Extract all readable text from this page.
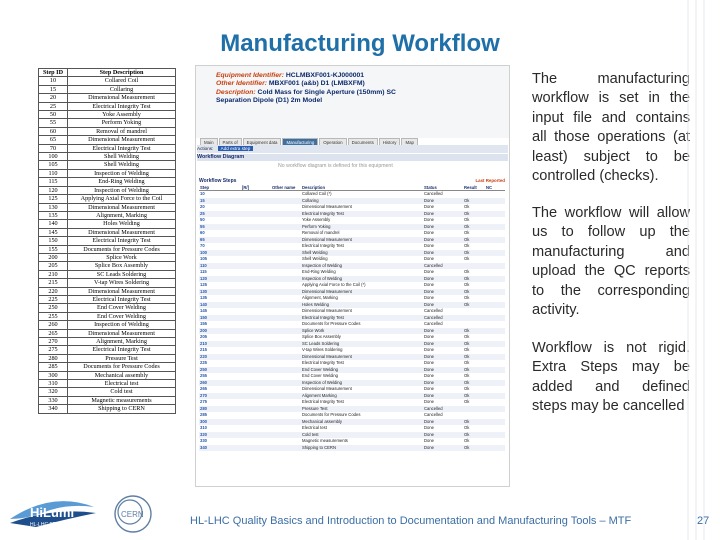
Manufacturing Workflow
Step ID	Step Description
10	Collared Coil
15	Collaring
20	Dimensional Measurement
25	Electrical Integrity Test
50	Yoke Assembly
55	Perform Yoking
60	Removal of mandrel
65	Dimensional Measurement
70	Electrical Integrity Test
100	Shell Welding
105	Shell Welding
110	Inspection of Welding
115	End-Ring Welding
120	Inspection of Welding
125	Applying Axial Force to the Coil
130	Dimensional Measurement
135	Alignment, Marking
140	Holes Welding
145	Dimensional Measurement
150	Electrical Integrity Test
155	Documents for Pressure Codes
200	Splice Work
205	Splice Box Assembly
210	SC Leads Soldering
215	V-tap Wires Soldering
220	Dimensional Measurement
225	Electrical Integrity Test
250	End Cover Welding
255	End Cover Welding
260	Inspection of Welding
265	Dimensional Measurement
270	Alignment, Marking
275	Electrical Integrity Test
280	Pressure Test
285	Documents for Pressure Codes
300	Mechanical assembly
310	Electrical test
320	Cold test
330	Magnetic measurements
340	Shipping to CERN
Equipment Identifier: HCLMBXF001-KJ000001
Other Identifier: MBXF001 (a&b) D1 (LMBXFM)
Description: Cold Mass for Single Aperture (150mm) SC
Separation Dipole (D1) 2m Model
Main	Parts of	Equipment data	Manufacturing	Operation	Documents	History	Map
Actions: Add extra step
Workflow Diagram
No workflow diagram is defined for this equipment
Workflow Steps	Last Reported
Step	[R/]	Other name	Description	Status	Result	NC
10			Collared Coil (*)	Cancelled		
15			Collaring	Done	Ok	
20			Dimensional Measurement	Done	Ok	
25			Electrical Integrity Test	Done	Ok	
50			Yoke Assembly	Done	Ok	
55			Perform Yoking	Done	Ok	
60			Removal of mandrel	Done	Ok	
65			Dimensional Measurement	Done	Ok	
70			Electrical Integrity Test	Done	Ok	
100			Shell Welding	Done	Ok	
105			Shell Welding	Done	Ok	
110			Inspection of Welding	Cancelled		
115			End-Ring Welding	Done	Ok	
120			Inspection of Welding	Done	Ok	
125			Applying Axial Force to the Coil (*)	Done	Ok	
130			Dimensional Measurement	Done	Ok	
135			Alignment, Marking	Done	Ok	
140			Holes Welding	Done	Ok	
145			Dimensional Measurement	Cancelled		
150			Electrical Integrity Test	Cancelled		
155			Documents for Pressure Codes	Cancelled		
200			Splice Work	Done	Ok	
205			Splice Box Assembly	Done	Ok	
210			SC Leads Soldering	Done	Ok	
215			V-tap Wires Soldering	Done	Ok	
220			Dimensional Measurement	Done	Ok	
225			Electrical Integrity Test	Done	Ok	
250			End Cover Welding	Done	Ok	
255			End Cover Welding	Done	Ok	
260			Inspection of Welding	Done	Ok	
265			Dimensional Measurement	Done	Ok	
270			Alignment Marking	Done	Ok	
275			Electrical Integrity Test	Done	Ok	
280			Pressure Test	Cancelled		
285			Documents for Pressure Codes	Cancelled		
300			Mechanical assembly	Done	Ok	
310			Electrical test	Done	Ok	
320			Cold test	Done	Ok	
330			Magnetic measurements	Done	Ok	
340			Shipping to CERN	Done	Ok	
The manufacturing workflow is set in the input file and contains all those operations (at least) subject to be controlled (checks).
The workflow will allow us to follow up the manufacturing and upload the QC reports to the corresponding activity.
Workflow is not rigid. Extra Steps may be added and defined steps may be cancelled
HiLumi
HL-LHC PROJECT
CERN
HL-LHC Quality Basics and Introduction to Documentation and Manufacturing Tools – MTF	27
